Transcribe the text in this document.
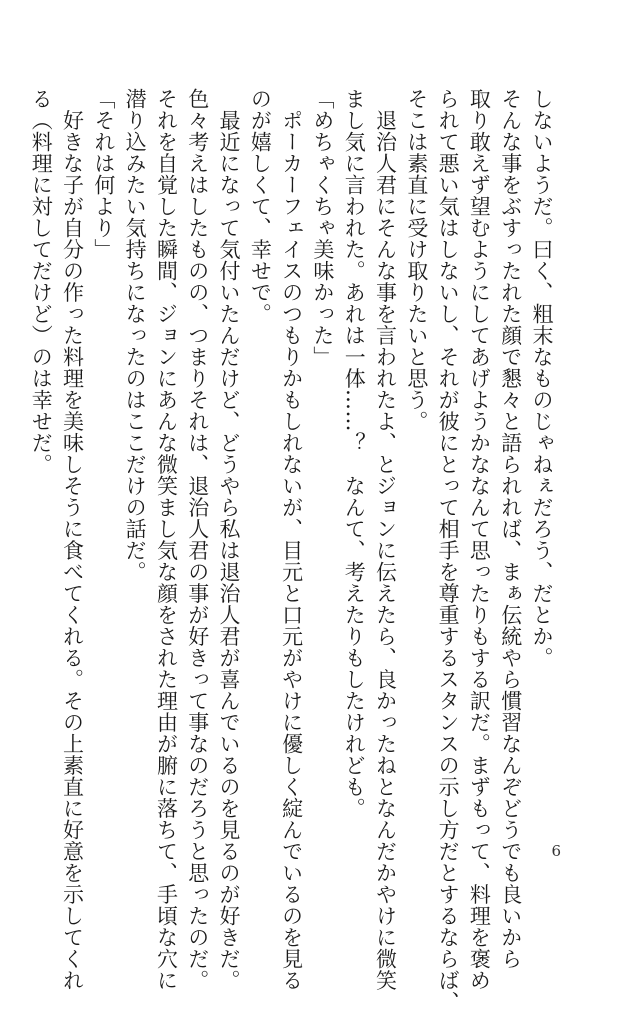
しないようだ。曰く、粗末なものじゃねぇだろう、だとか。
そんな事をぶすったれた顔で懇々と語られれば、まぁ伝統やら慣習なんぞどうでも良いから
取り敢えず望むようにしてあげようかななんて思ったりもする訳だ。まずもって、料理を褒め
られて悪い気はしないし、それが彼にとって相手を尊重するスタンスの示し方だとするならば、
そこは素直に受け取りたいと思う。
　退治人君にそんな事を言われたよ、とジョンに伝えたら、良かったねとなんだかやけに微笑
まし気に言われた。あれは一体……？　なんて、考えたりもしたけれども。
「めちゃくちゃ美味かった」
　ポーカーフェイスのつもりかもしれないが、目元と口元がやけに優しく綻んでいるのを見る
のが嬉しくて、幸せで。
　最近になって気付いたんだけど、どうやら私は退治人君が喜んでいるのを見るのが好きだ。
色々考えはしたものの、つまりそれは、退治人君の事が好きって事なのだろうと思ったのだ。
それを自覚した瞬間、ジョンにあんな微笑まし気な顔をされた理由が腑に落ちて、手頃な穴に
潜り込みたい気持ちになったのはここだけの話だ。
「それは何より」
　好きな子が自分の作った料理を美味しそうに食べてくれる。その上素直に好意を示してくれ
る（料理に対してだけど）のは幸せだ。
6
